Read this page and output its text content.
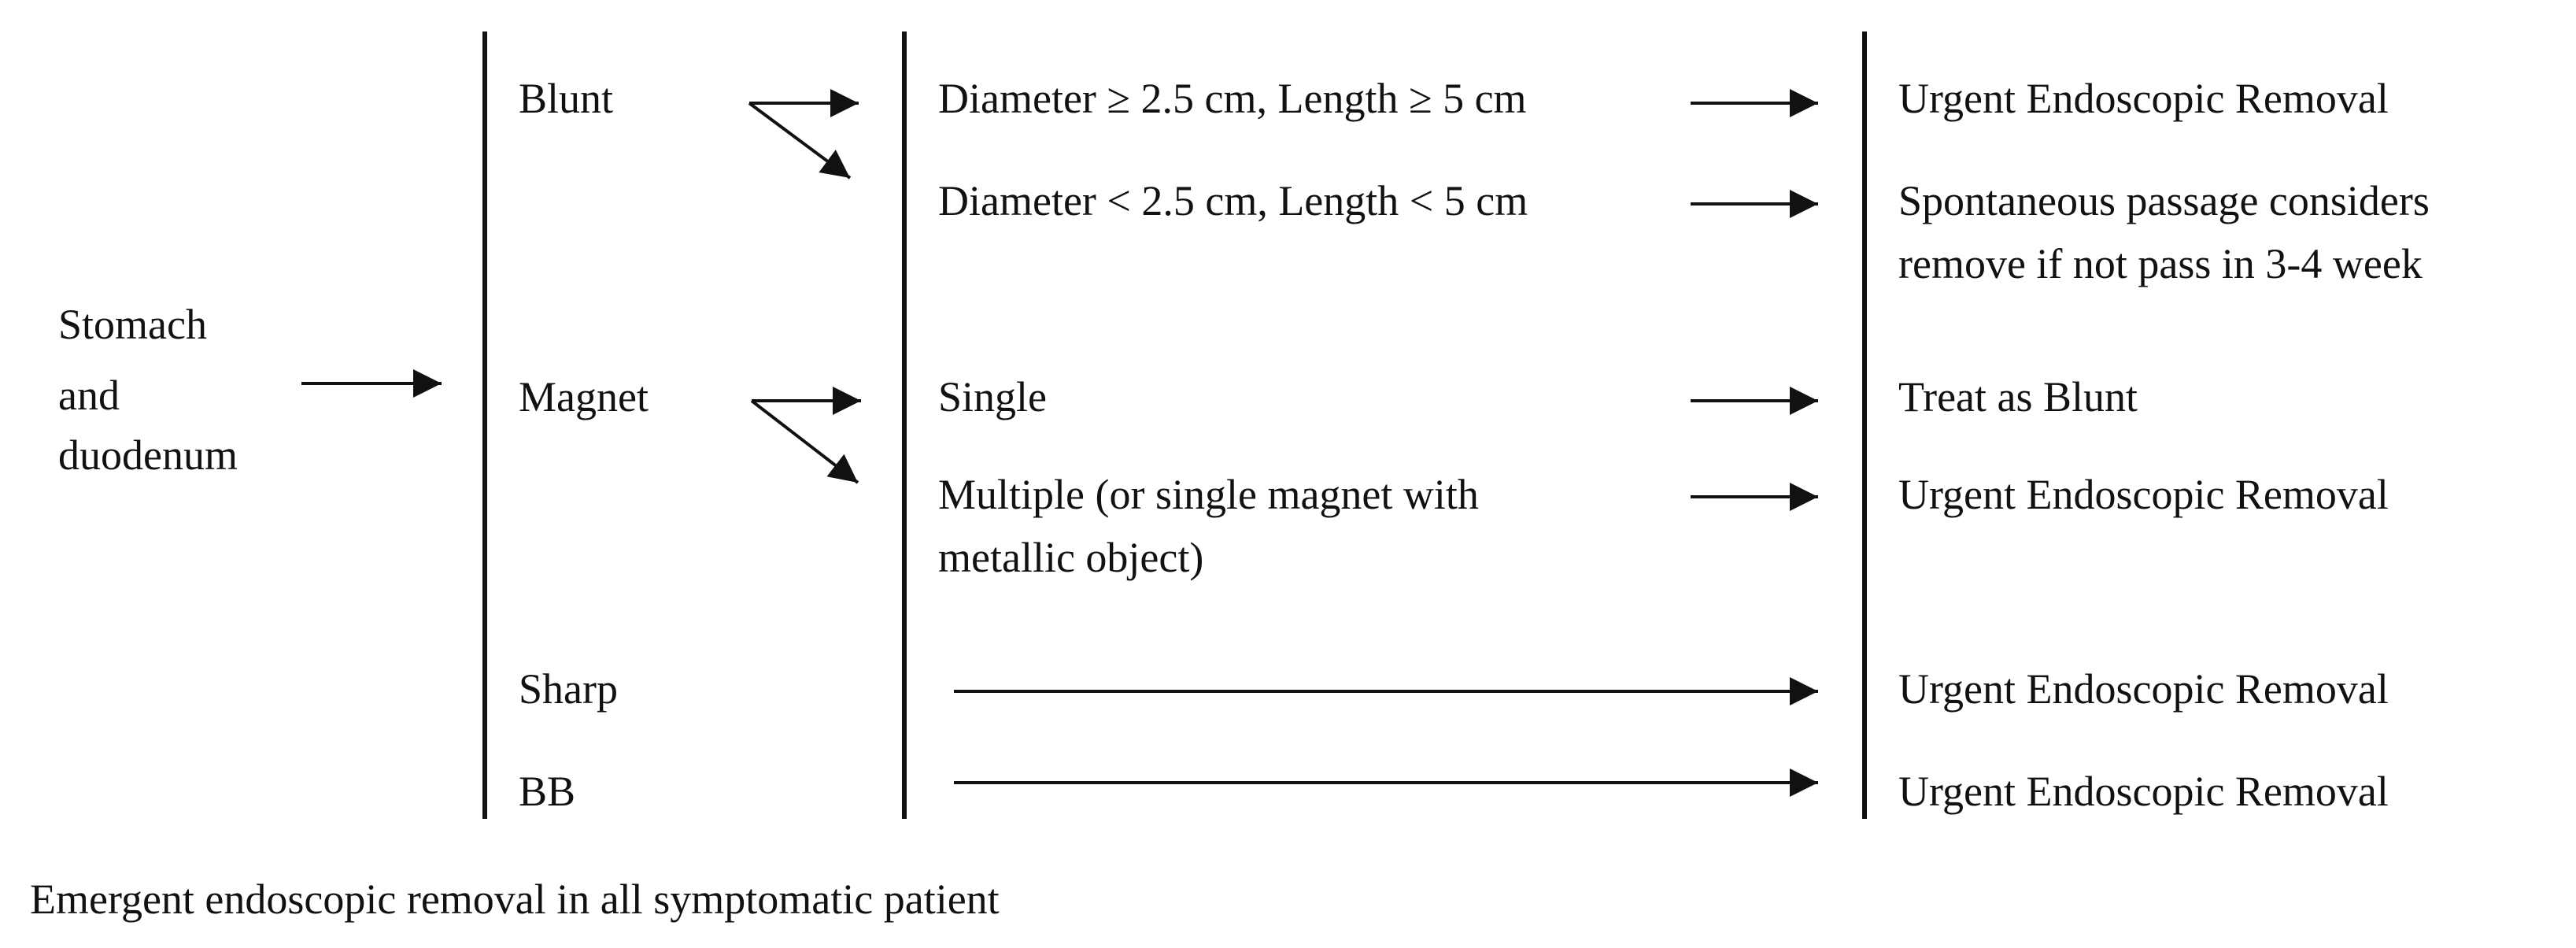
Stomach
and
duodenum
Blunt
Magnet
Sharp
BB
Diameter ≥ 2.5 cm, Length ≥ 5 cm
Diameter < 2.5 cm, Length < 5 cm
Single
Multiple (or single magnet with
metallic object)
Urgent Endoscopic Removal
Spontaneous passage considers
remove if not pass in 3-4 week
Treat as Blunt
Urgent Endoscopic Removal
Urgent Endoscopic Removal
Urgent Endoscopic Removal
Emergent endoscopic removal in all symptomatic patient
